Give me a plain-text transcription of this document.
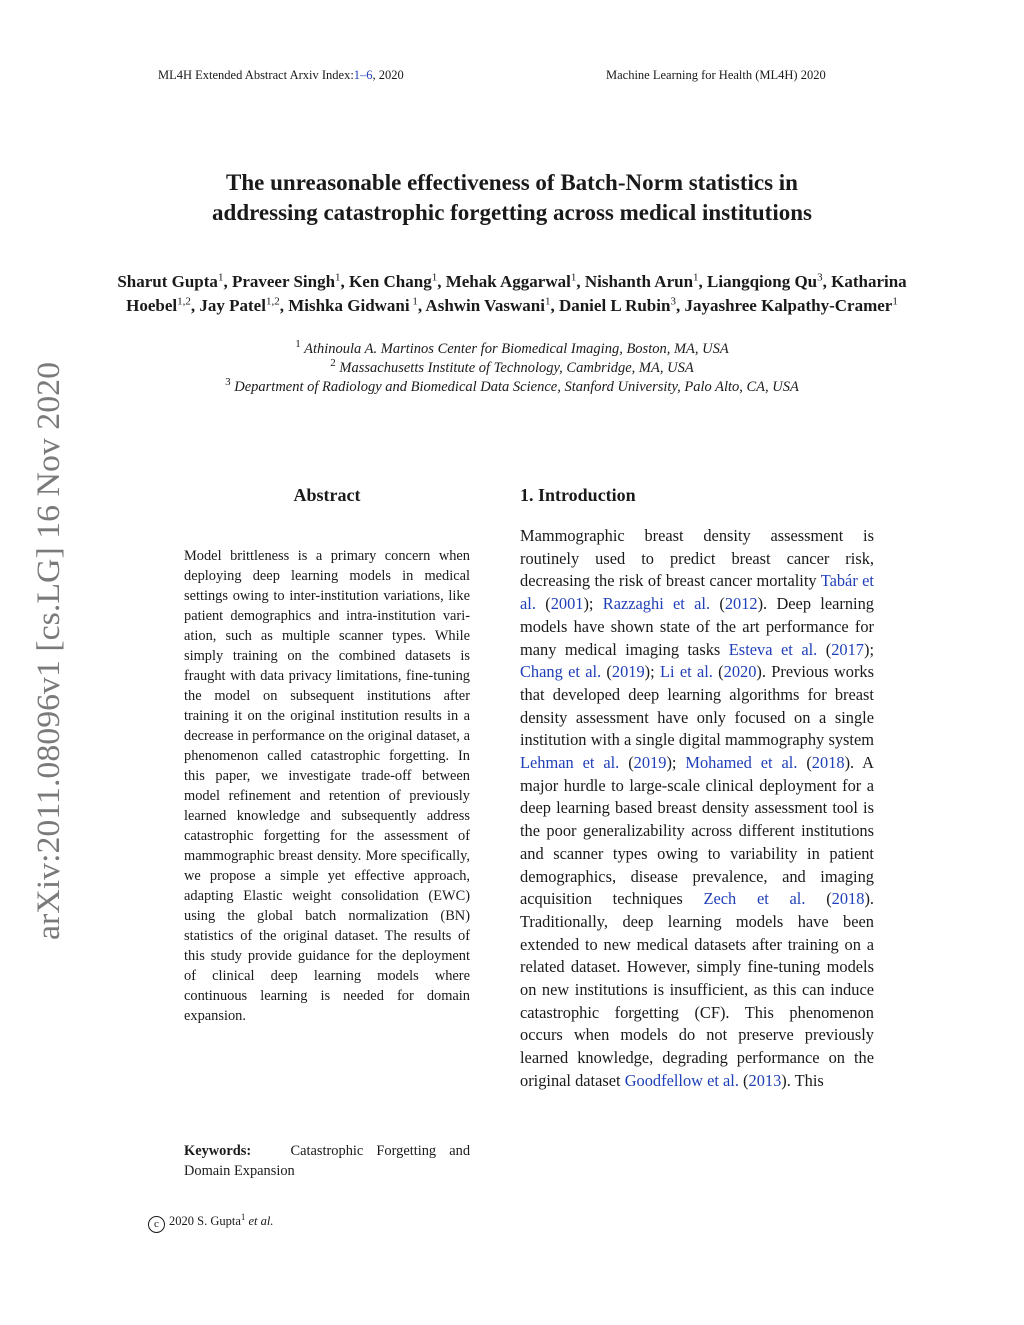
ML4H Extended Abstract Arxiv Index:1–6, 2020	Machine Learning for Health (ML4H) 2020
The unreasonable effectiveness of Batch-Norm statistics in
addressing catastrophic forgetting across medical institutions
Sharut Gupta$^1$, Praveer Singh$^1$, Ken Chang$^1$, Mehak Aggarwal$^1$, Nishanth Arun$^1$, Liangqiong Qu$^3$, Katharina Hoebel$^{1,2}$, Jay Patel$^{1,2}$, Mishka Gidwani $^1$, Ashwin Vaswani$^1$, Daniel L Rubin$^3$, Jayashree Kalpathy-Cramer$^1$
$^1$ Athinoula A. Martinos Center for Biomedical Imaging, Boston, MA, USA
$^2$ Massachusetts Institute of Technology, Cambridge, MA, USA
$^3$ Department of Radiology and Biomedical Data Science, Stanford University, Palo Alto, CA, USA
arXiv:2011.08096v1 [cs.LG] 16 Nov 2020	Abstract
Model brittleness is a primary concern when deploying deep learning models in medical settings owing to inter-institution variations, like patient demographics and intra-institution variation, such as multiple scanner types. While simply training on the combined datasets is fraught with data privacy limitations, fine-tuning the model on subsequent institutions after training it on the original institution results in a decrease in performance on the original dataset, a phenomenon called catastrophic forgetting. In this paper, we investigate trade-off between model refinement and retention of previously learned knowledge and subsequently address catastrophic forgetting for the assessment of mammographic breast density. More specifically, we propose a simple yet effective approach, adapting Elastic weight consolidation (EWC) using the global batch normalization (BN) statistics of the original dataset. The results of this study provide guidance for the deployment of clinical deep learning models where continuous learning is needed for domain expansion.
Keywords:	Catastrophic Forgetting and Domain Expansion
1. Introduction
Mammographic breast density assessment is routinely used to predict breast cancer risk, decreasing the risk of breast cancer mortality Tabár et al. (2001); Razzaghi et al. (2012). Deep learning models have shown state of the art performance for many medical imaging tasks Esteva et al. (2017); Chang et al. (2019); Li et al. (2020). Previous works that developed deep learning algorithms for breast density assessment have only focused on a single institution with a single digital mammography system Lehman et al. (2019); Mohamed et al. (2018). A major hurdle to large-scale clinical deployment for a deep learning based breast density assessment tool is the poor generalizability across different institutions and scanner types owing to variability in patient demographics, disease prevalence, and imaging acquisition techniques Zech et al. (2018). Traditionally, deep learning models have been extended to new medical datasets after training on a related dataset. However, simply fine-tuning models on new institutions is insufficient, as this can induce catastrophic forgetting (CF). This phenomenon occurs when models do not preserve previously learned knowledge, degrading performance on the original dataset Goodfellow et al. (2013). This
c 2020 S. Gupta$^1$ et al.
